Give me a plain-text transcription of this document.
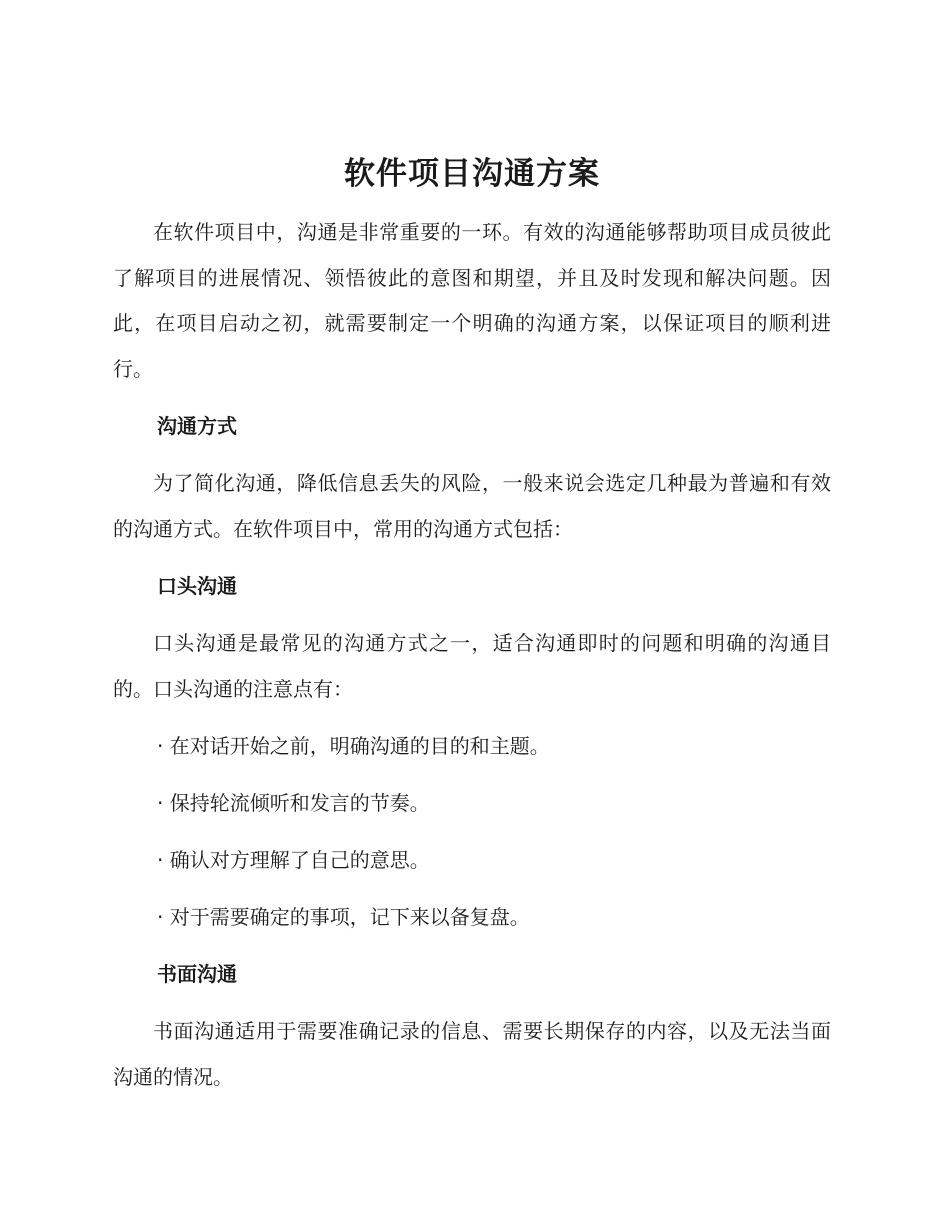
软件项目沟通方案

在软件项目中，沟通是非常重要的一环。有效的沟通能够帮助项目成员彼此了解项目的进展情况、领悟彼此的意图和期望，并且及时发现和解决问题。因此，在项目启动之初，就需要制定一个明确的沟通方案，以保证项目的顺利进行。

沟通方式

为了简化沟通，降低信息丢失的风险，一般来说会选定几种最为普遍和有效的沟通方式。在软件项目中，常用的沟通方式包括：

口头沟通

口头沟通是最常见的沟通方式之一，适合沟通即时的问题和明确的沟通目的。口头沟通的注意点有：

· 在对话开始之前，明确沟通的目的和主题。

· 保持轮流倾听和发言的节奏。

· 确认对方理解了自己的意思。

· 对于需要确定的事项，记下来以备复盘。

书面沟通

书面沟通适用于需要准确记录的信息、需要长期保存的内容，以及无法当面沟通的情况。
